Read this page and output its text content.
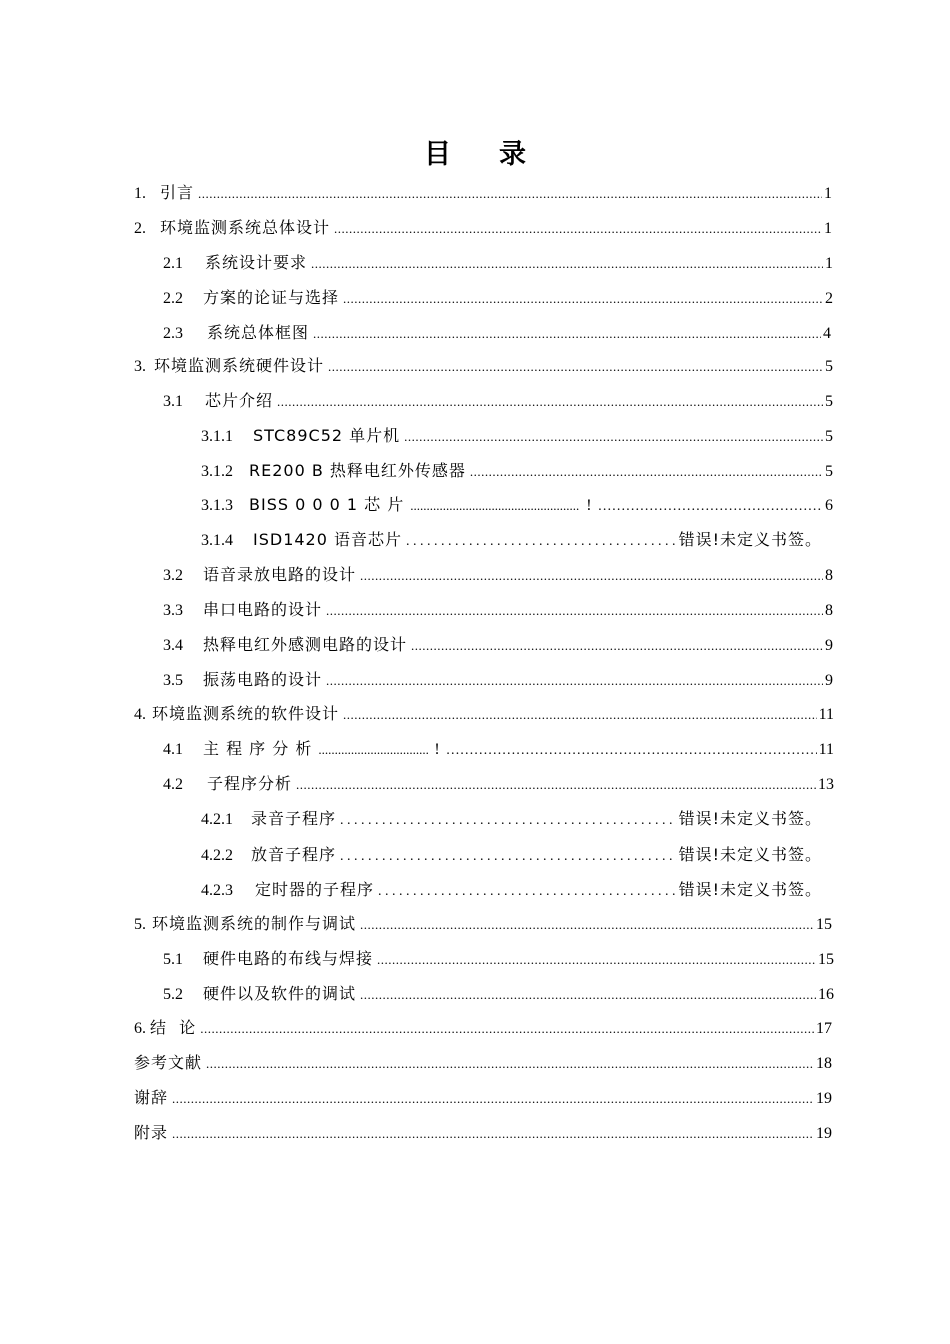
目 录
1. 引言 .....	1
2. 环境监测系统总体设计 .....	1
2.1 系统设计要求 .....	1
2.2 方案的论证与选择 .....	2
2.3 系统总体框图 .....	4
3. 环境监测系统硬件设计 .....	5
3.1 芯片介绍 .....	5
3.1.1 STC89C52 单片机 .....	5
3.1.2 RE200 B 热释电红外传感器 .....	5
3.1.3 BISS 0 0 0 1 芯 片 .....	! …………………………………………………………………………………………………………………………	6
3.1.4 ISD1420 语音芯片 . . .	错误!未定义书签。
3.2 语音录放电路的设计 .....	8
3.3 串口电路的设计 .....	8
3.4 热释电红外感测电路的设计 .....	9
3.5 振荡电路的设计 .....	9
4. 环境监测系统的软件设计 .....	11
4.1 主 程 序 分 析 .....	! …………………………………………………………………………………………………………………………	11
4.2 子程序分析 .....	13
4.2.1 录音子程序 . . .	错误!未定义书签。
4.2.2 放音子程序 . . .	错误!未定义书签。
4.2.3 定时器的子程序 . . .	错误!未定义书签。
5. 环境监测系统的制作与调试 .....	15
5.1 硬件电路的布线与焊接 .....	15
5.2 硬件以及软件的调试 .....	16
6. 结  论 .....	17
参考文献 .....	18
谢辞 .....	19
附录 .....	19
